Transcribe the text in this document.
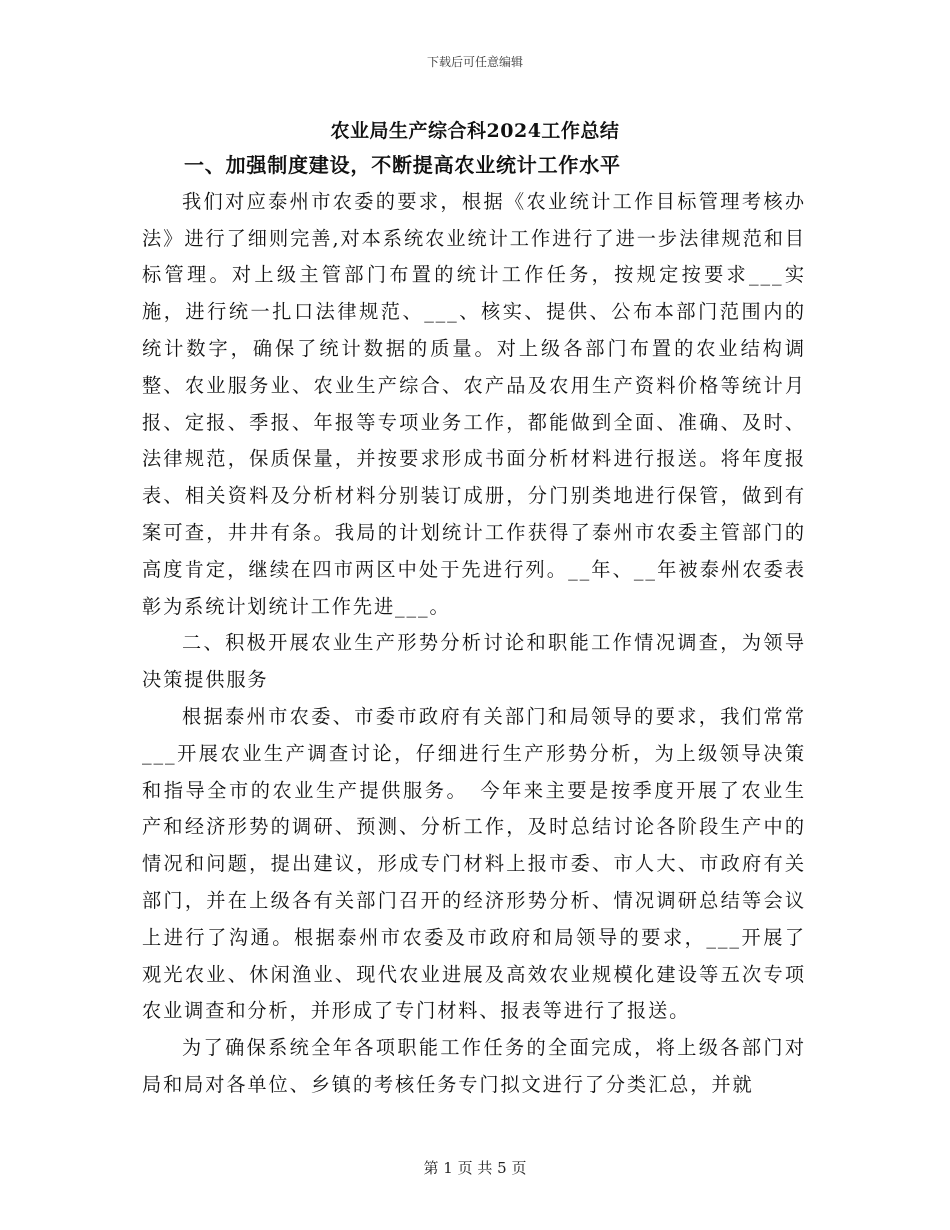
下载后可任意编辑
农业局生产综合科2024工作总结

一、加强制度建设，不断提高农业统计工作水平

我们对应泰州市农委的要求，根据《农业统计工作目标管理考核办法》进行了细则完善,对本系统农业统计工作进行了进一步法律规范和目标管理。对上级主管部门布置的统计工作任务，按规定按要求___实施，进行统一扎口法律规范、___、核实、提供、公布本部门范围内的统计数字，确保了统计数据的质量。对上级各部门布置的农业结构调整、农业服务业、农业生产综合、农产品及农用生产资料价格等统计月报、定报、季报、年报等专项业务工作，都能做到全面、准确、及时、法律规范，保质保量，并按要求形成书面分析材料进行报送。将年度报表、相关资料及分析材料分别装订成册，分门别类地进行保管，做到有案可查，井井有条。我局的计划统计工作获得了泰州市农委主管部门的高度肯定，继续在四市两区中处于先进行列。__年、__年被泰州农委表彰为系统计划统计工作先进___。

二、积极开展农业生产形势分析讨论和职能工作情况调查，为领导决策提供服务

根据泰州市农委、市委市政府有关部门和局领导的要求，我们常常___开展农业生产调查讨论，仔细进行生产形势分析，为上级领导决策和指导全市的农业生产提供服务。　今年来主要是按季度开展了农业生产和经济形势的调研、预测、分析工作，及时总结讨论各阶段生产中的情况和问题，提出建议，形成专门材料上报市委、市人大、市政府有关部门，并在上级各有关部门召开的经济形势分析、情况调研总结等会议上进行了沟通。根据泰州市农委及市政府和局领导的要求，___开展了观光农业、休闲渔业、现代农业进展及高效农业规模化建设等五次专项农业调查和分析，并形成了专门材料、报表等进行了报送。

为了确保系统全年各项职能工作任务的全面完成，将上级各部门对局和局对各单位、乡镇的考核任务专门拟文进行了分类汇总，并就

第 1 页 共 5 页
